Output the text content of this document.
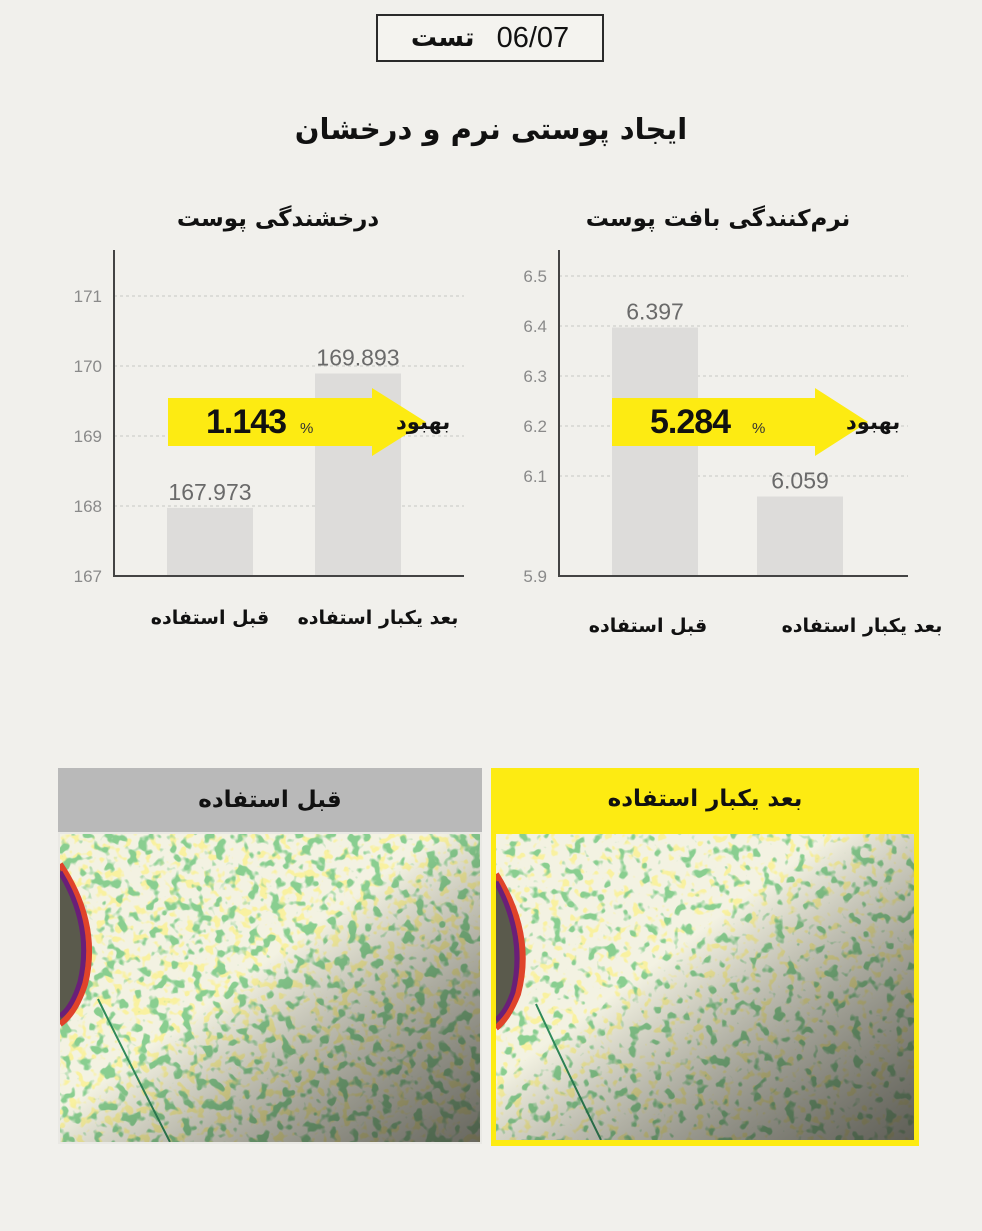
تست 06/07
ایجاد پوستی نرم و درخشان
درخشندگی پوست
169.893
167.973
167
168
169
170
171
1.143 %	بهبود
بعد یکبار استفاده
قبل استفاده
نرم‌کنندگی بافت پوست
6.397
6.059
5.9
6.1
6.2
6.3
6.4
6.5
5.284 %	بهبود
قبل استفاده	بعد یکبار استفاده
قبل استفاده	بعد یکبار استفاده
